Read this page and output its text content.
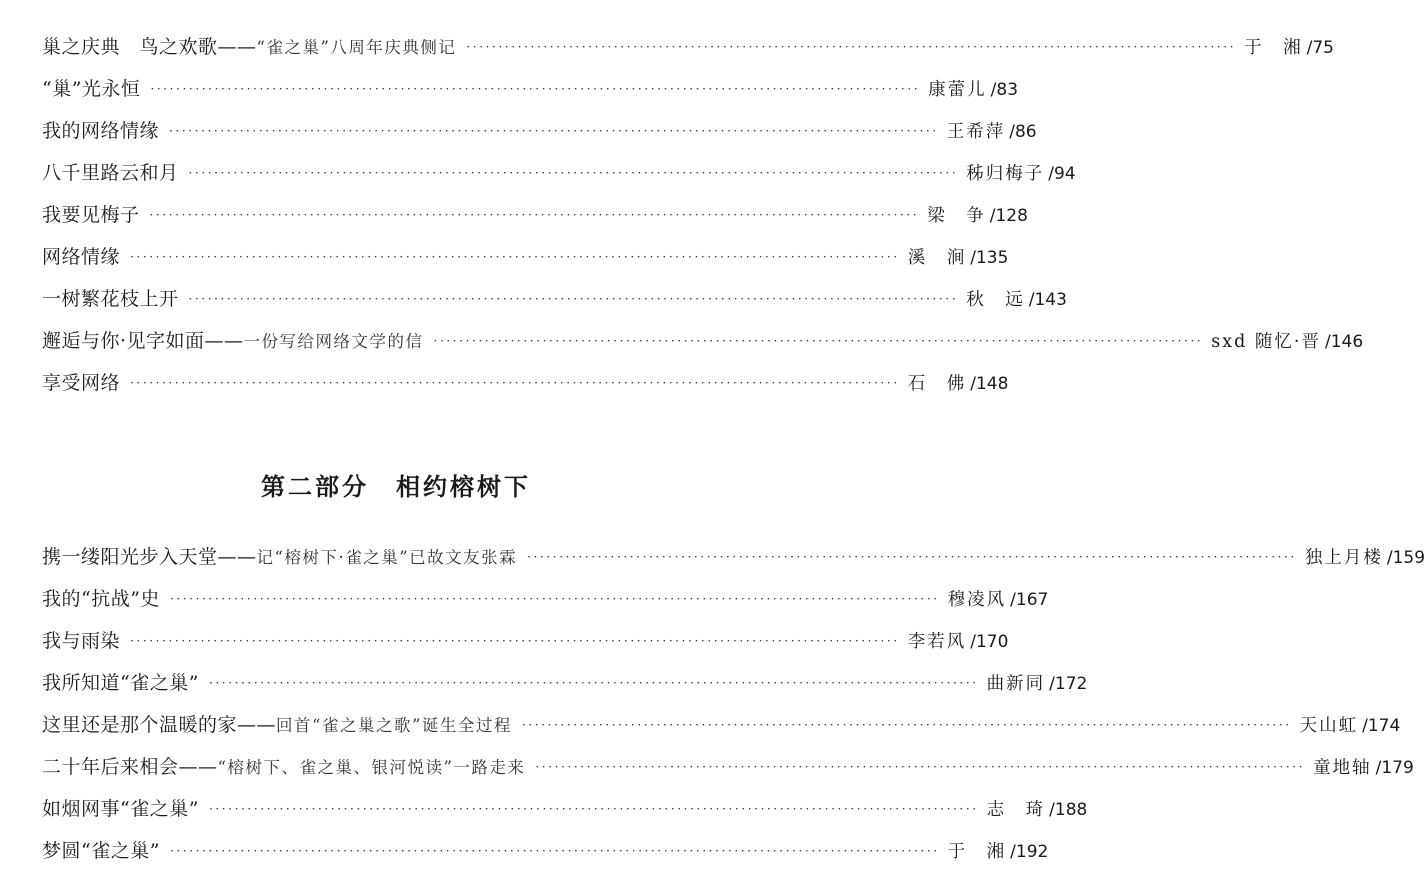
巢之庆典　鸟之欢歌——“雀之巢”八周年庆典侧记 ························································································································ 于　湘 /75
“巢”光永恒 ························································································································ 康蕾儿 /83
我的网络情缘 ························································································································ 王希萍 /86
八千里路云和月 ························································································································ 秭归梅子 /94
我要见梅子 ························································································································ 梁　争 /128
网络情缘 ························································································································ 溪　涧 /135
一树繁花枝上开 ························································································································ 秋　远 /143
邂逅与你·见字如面——一份写给网络文学的信 ························································································································ sxd 随忆·晋 /146
享受网络 ························································································································ 石　佛 /148
第二部分　相约榕树下
携一缕阳光步入天堂——记“榕树下·雀之巢”已故文友张霖 ························································································································ 独上月楼 /159
我的“抗战”史 ························································································································ 穆凌风 /167
我与雨染 ························································································································ 李若风 /170
我所知道“雀之巢” ························································································································ 曲新同 /172
这里还是那个温暖的家——回首“雀之巢之歌”诞生全过程 ························································································································ 天山虹 /174
二十年后来相会——“榕树下、雀之巢、银河悦读”一路走来 ························································································································ 童地轴 /179
如烟网事“雀之巢” ························································································································ 志　琦 /188
梦圆“雀之巢” ························································································································ 于　湘 /192
